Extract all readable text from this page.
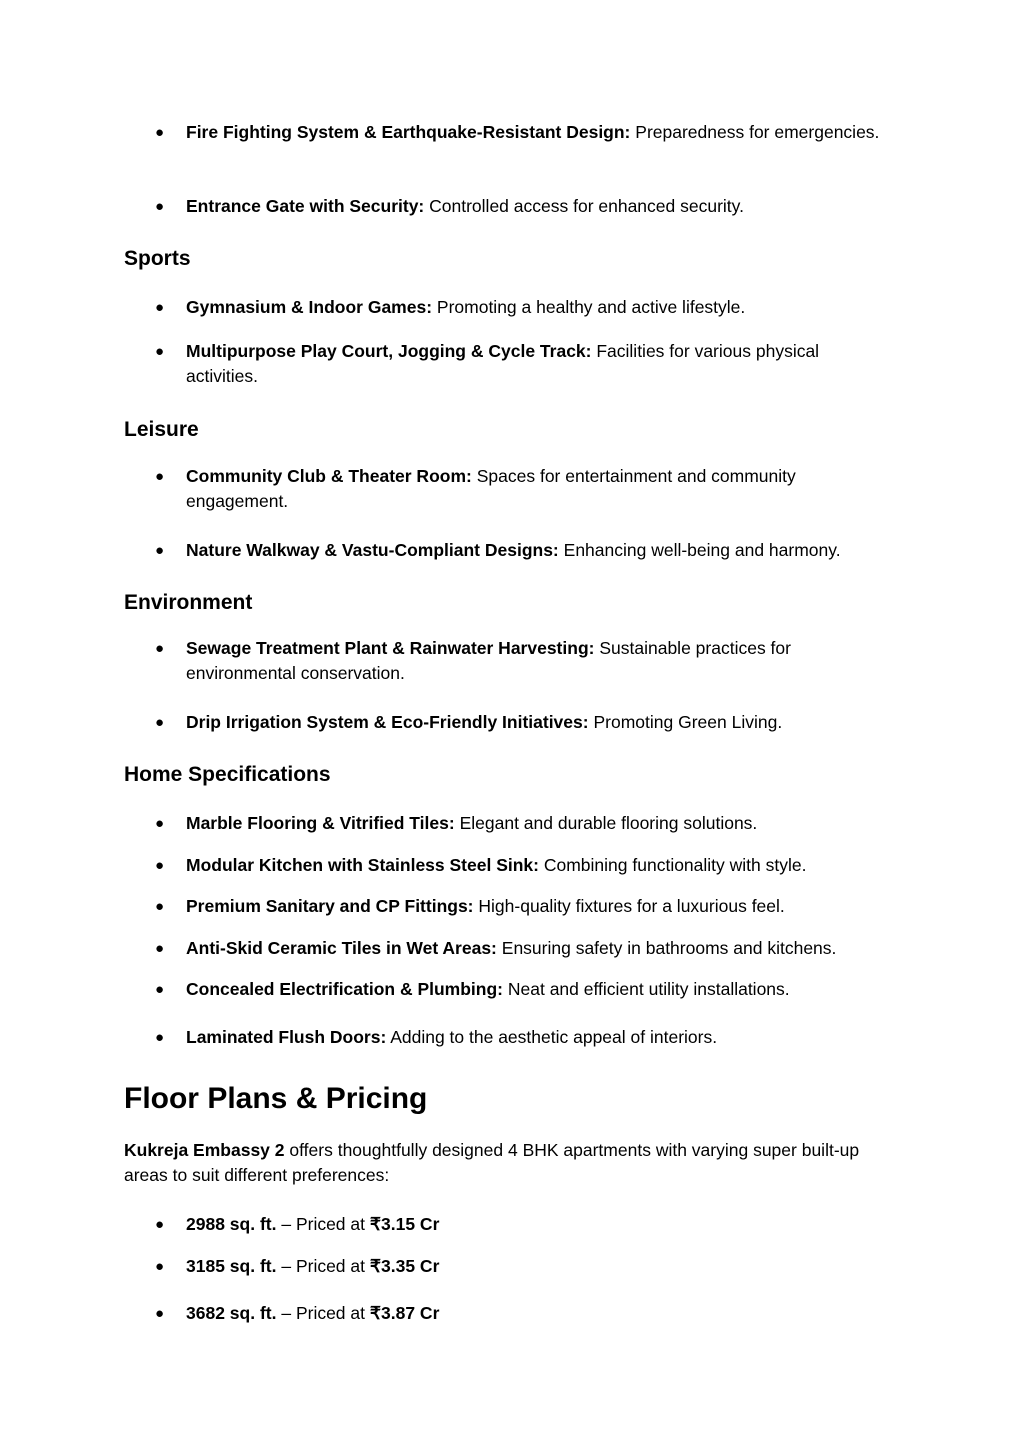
● Fire Fighting System & Earthquake-Resistant Design: Preparedness for emergencies.
● Entrance Gate with Security: Controlled access for enhanced security.
Sports
● Gymnasium & Indoor Games: Promoting a healthy and active lifestyle.
● Multipurpose Play Court, Jogging & Cycle Track: Facilities for various physical activities.
Leisure
● Community Club & Theater Room: Spaces for entertainment and community engagement.
● Nature Walkway & Vastu-Compliant Designs: Enhancing well-being and harmony.
Environment
● Sewage Treatment Plant & Rainwater Harvesting: Sustainable practices for environmental conservation.
● Drip Irrigation System & Eco-Friendly Initiatives: Promoting Green Living.
Home Specifications
● Marble Flooring & Vitrified Tiles: Elegant and durable flooring solutions.
● Modular Kitchen with Stainless Steel Sink: Combining functionality with style.
● Premium Sanitary and CP Fittings: High-quality fixtures for a luxurious feel.
● Anti-Skid Ceramic Tiles in Wet Areas: Ensuring safety in bathrooms and kitchens.
● Concealed Electrification & Plumbing: Neat and efficient utility installations.
● Laminated Flush Doors: Adding to the aesthetic appeal of interiors.
Floor Plans & Pricing

Kukreja Embassy 2 offers thoughtfully designed 4 BHK apartments with varying super built-up areas to suit different preferences:

● 2988 sq. ft. – Priced at ₹3.15 Cr
● 3185 sq. ft. – Priced at ₹3.35 Cr
● 3682 sq. ft. – Priced at ₹3.87 Cr
